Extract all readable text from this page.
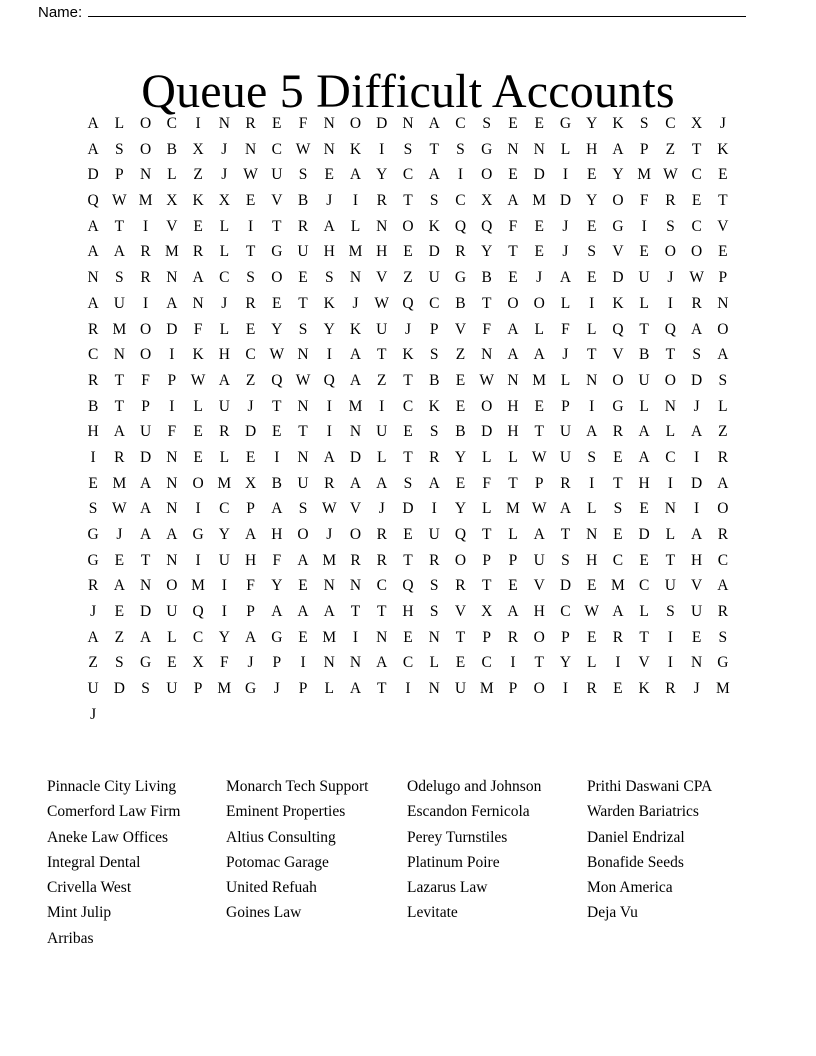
Name:
Queue 5 Difficult Accounts
A	L	O C	I	N R	E	F	N O D N A C	S	E	E	G Y K	S	C X	J
A	S	O B X	J	N C W N K	I	S	T	S	G N N	L	H A	P	Z	T	K
D	P	N	L	Z	J	W U	S	E	A Y C A	I	O	E	D	I	E	Y M W C	E
Q W M X K X	E	V B	J	I	R	T	S	C X A M D Y O	F	R	E	T
A	T	I	V	E	L	I	T	R A	L	N O K Q Q	F	E	J	E	G	I	S	C V
A A R M R	L	T	G U H M H	E	D R Y	T	E	J	S	V	E	O O	E
N	S	R N A C	S	O	E	S	N V	Z	U G B	E	J	A	E	D U	J	W P
A U	I	A N	J	R	E	T	K	J	W Q C	B	T	O O	L	I	K	L	I	R N
R M O D	F	L	E	Y	S	Y K U	J	P	V	F	A	L	F	L	Q	T	Q A O
C N O	I	K H C W N	I	A	T	K	S	Z	N A A	J	T	V B	T	S	A
R	T	F	P W A	Z	Q W Q A	Z	T	B	E W N M L	N O U O D	S
B	T	P	I	L	U	J	T	N	I	M	I	C K	E	O H	E	P	I	G	L	N	J	L
H A U	F	E	R D	E	T	I	N U	E	S	B D H	T	U A R A	L	A	Z
I	R D N	E	L	E	I	N A D	L	T	R Y	L	L W U	S	E	A C	I	R
E M A N O M X B U R A A	S	A	E	F	T	P	R	I	T	H	I	D A
S W A N	I	C	P	A	S W V	J	D	I	Y	L M W A	L	S	E	N	I	O
G	J	A A G Y A H O	J	O R	E	U Q	T	L	A	T	N	E	D	L	A R
G	E	T	N	I	U H	F	A M R	R	T	R O	P	P	U	S	H C	E	T	H C
R A N O M	I	F	Y	E	N N C Q	S	R	T	E	V D	E M C U V A
J	E	D U Q	I	P	A A A	T	T	H	S	V X A H C W A	L	S	U R
A	Z	A	L	C Y A G	E M	I	N	E	N	T	P	R O	P	E	R	T	I	E	S
Z	S	G	E	X	F	J	P	I	N N A C	L	E	C	I	T	Y	L	I	V	I	N G
U D	S	U	P M G	J	P	L	A	T	I	N U M P	O	I	R	E	K R	J	M
J
Pinnacle City Living
Comerford Law Firm
Aneke Law Offices
Integral Dental
Crivella West
Mint Julip
Arribas
Monarch Tech Support
Eminent Properties
Altius Consulting
Potomac Garage
United Refuah
Goines Law
Odelugo and Johnson
Escandon Fernicola
Perey Turnstiles
Platinum Poire
Lazarus Law
Levitate
Prithi Daswani CPA
Warden Bariatrics
Daniel Endrizal
Bonafide Seeds
Mon America
Deja Vu
